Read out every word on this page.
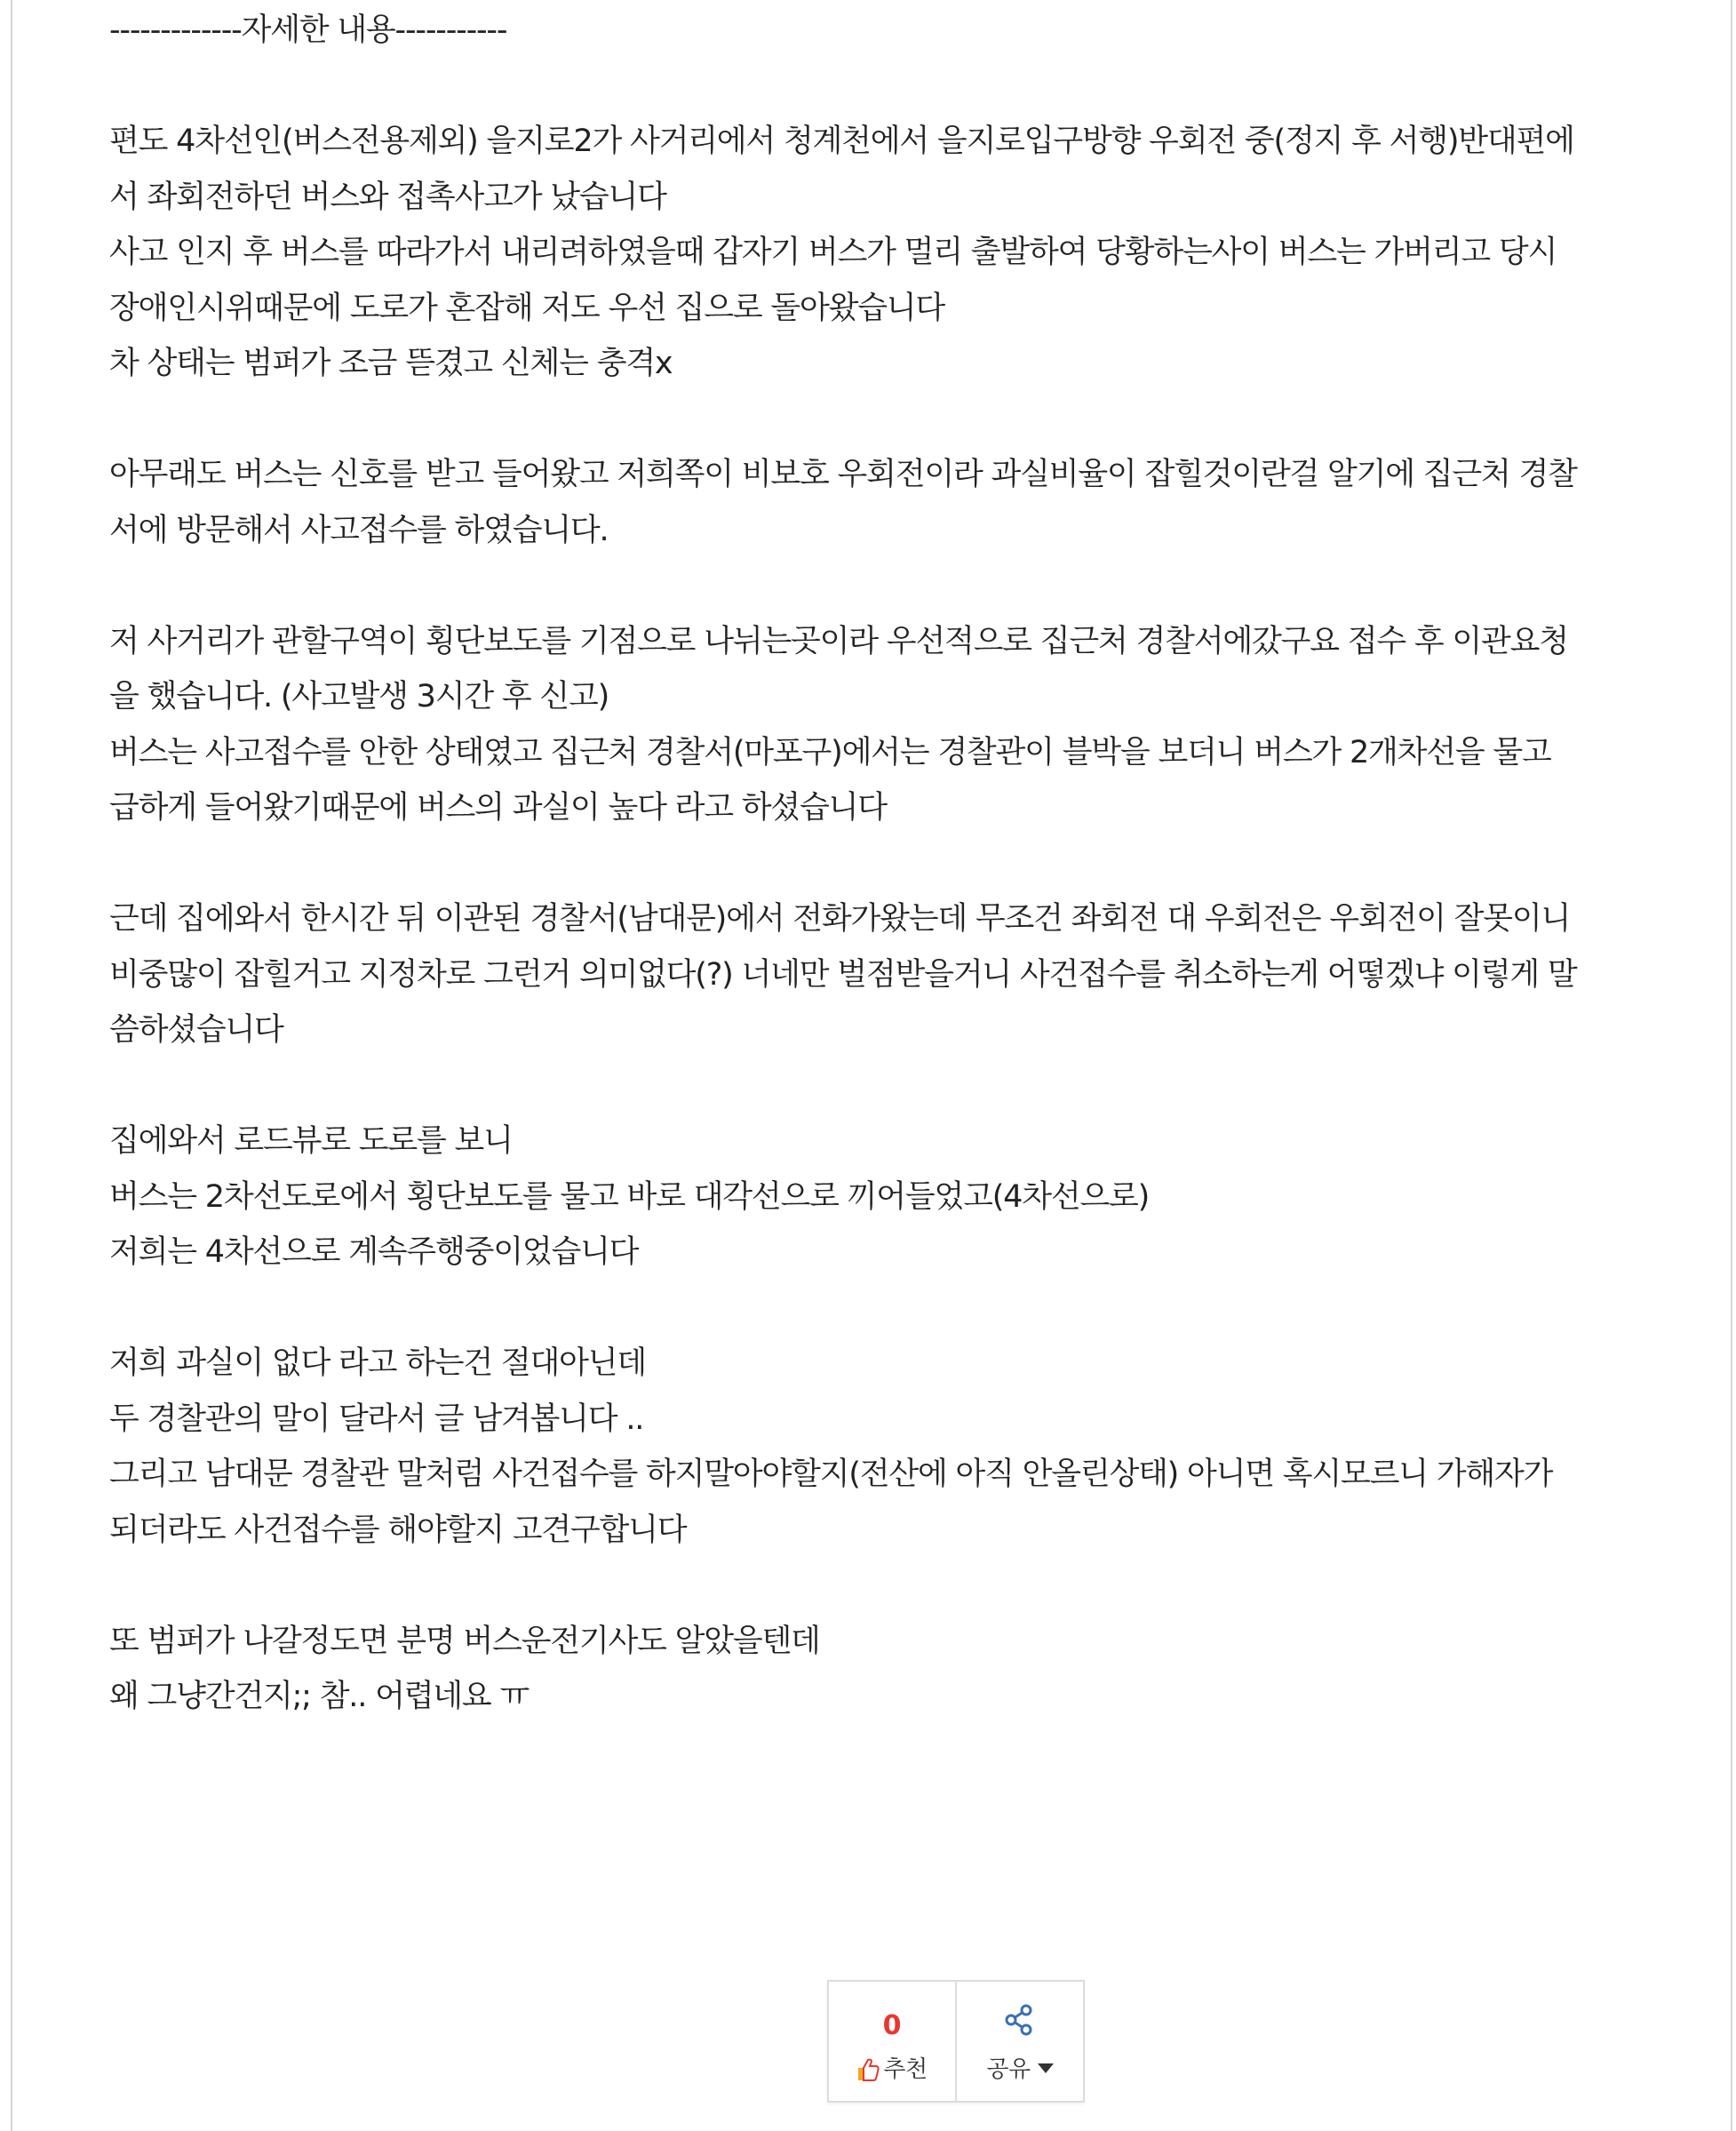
-------------자세한 내용-----------

편도 4차선인(버스전용제외) 을지로2가 사거리에서 청계천에서 을지로입구방향 우회전 중(정지 후 서행)반대편에
서 좌회전하던 버스와 접촉사고가 났습니다
사고 인지 후 버스를 따라가서 내리려하였을때 갑자기 버스가 멀리 출발하여 당황하는사이 버스는 가버리고 당시
장애인시위때문에 도로가 혼잡해 저도 우선 집으로 돌아왔습니다
차 상태는 범퍼가 조금 뜯겼고 신체는 충격x

아무래도 버스는 신호를 받고 들어왔고 저희쪽이 비보호 우회전이라 과실비율이 잡힐것이란걸 알기에 집근처 경찰
서에 방문해서 사고접수를 하였습니다.

저 사거리가 관할구역이 횡단보도를 기점으로 나뉘는곳이라 우선적으로 집근처 경찰서에갔구요 접수 후 이관요청
을 했습니다. (사고발생 3시간 후 신고)
버스는 사고접수를 안한 상태였고 집근처 경찰서(마포구)에서는 경찰관이 블박을 보더니 버스가 2개차선을 물고
급하게 들어왔기때문에 버스의 과실이 높다 라고 하셨습니다

근데 집에와서 한시간 뒤 이관된 경찰서(남대문)에서 전화가왔는데 무조건 좌회전 대 우회전은 우회전이 잘못이니
비중많이 잡힐거고 지정차로 그런거 의미없다(?) 너네만 벌점받을거니 사건접수를 취소하는게 어떻겠냐 이렇게 말
씀하셨습니다

집에와서 로드뷰로 도로를 보니
버스는 2차선도로에서 횡단보도를 물고 바로 대각선으로 끼어들었고(4차선으로)
저희는 4차선으로 계속주행중이었습니다

저희 과실이 없다 라고 하는건 절대아닌데
두 경찰관의 말이 달라서 글 남겨봅니다 ..
그리고 남대문 경찰관 말처럼 사건접수를 하지말아야할지(전산에 아직 안올린상태) 아니면 혹시모르니 가해자가
되더라도 사건접수를 해야할지 고견구합니다

또 범퍼가 나갈정도면 분명 버스운전기사도 알았을텐데
왜 그냥간건지;; 참.. 어렵네요 ㅠ
0
추천	공유
